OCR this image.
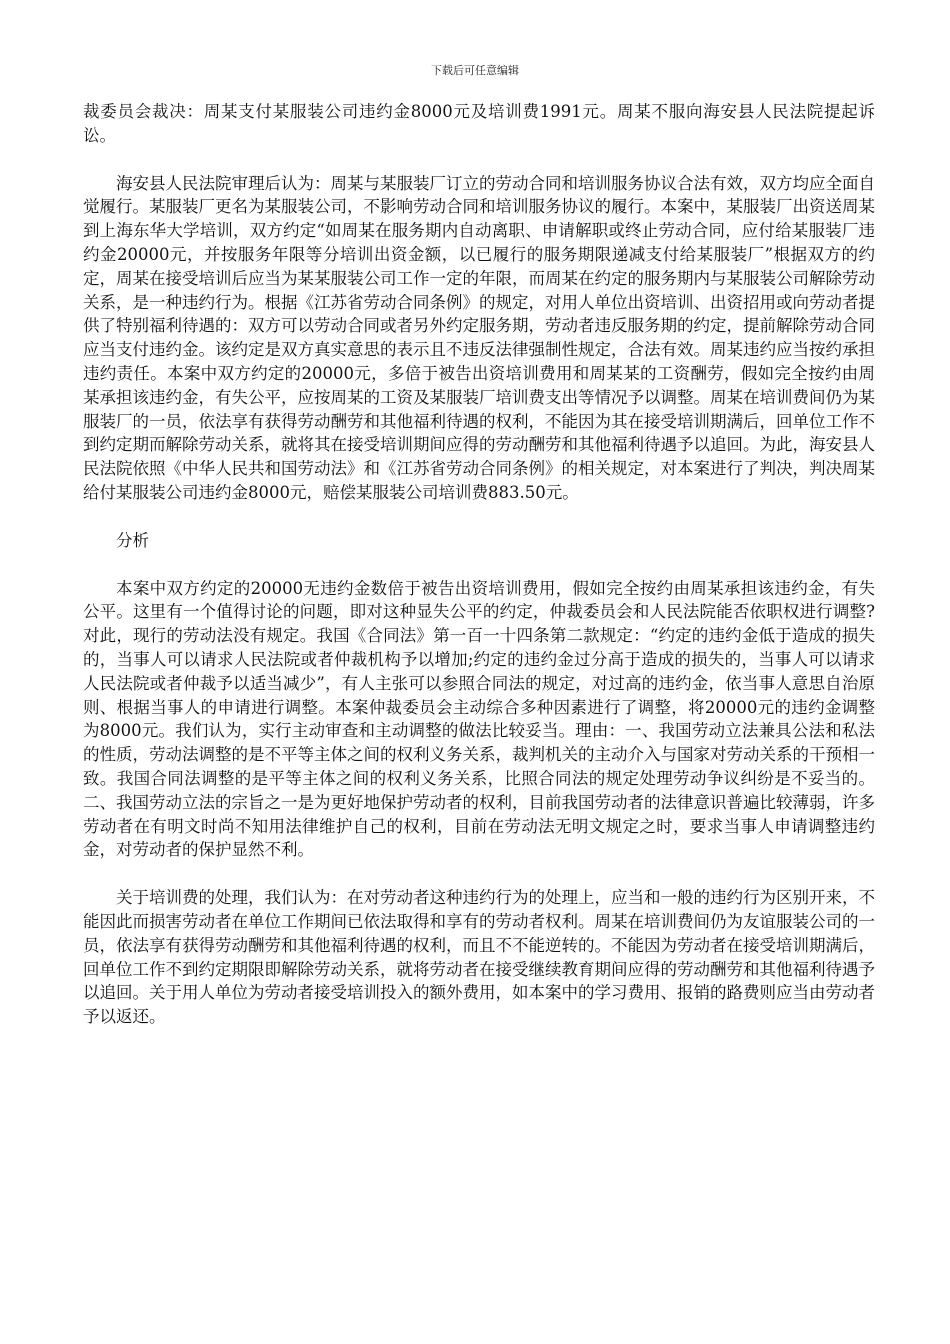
下载后可任意编辑

裁委员会裁决：周某支付某服装公司违约金8000元及培训费1991元。周某不服向海安县人民法院提起诉讼。

海安县人民法院审理后认为：周某与某服装厂订立的劳动合同和培训服务协议合法有效，双方均应全面自觉履行。某服装厂更名为某服装公司，不影响劳动合同和培训服务协议的履行。本案中，某服装厂出资送周某到上海东华大学培训，双方约定“如周某在服务期内自动离职、申请解职或终止劳动合同，应付给某服装厂违约金20000元，并按服务年限等分培训出资金额，以已履行的服务期限递减支付给某服装厂”根据双方的约定，周某在接受培训后应当为某某服装公司工作一定的年限，而周某在约定的服务期内与某服装公司解除劳动关系，是一种违约行为。根据《江苏省劳动合同条例》的规定，对用人单位出资培训、出资招用或向劳动者提供了特别福利待遇的：双方可以劳动合同或者另外约定服务期，劳动者违反服务期的约定，提前解除劳动合同应当支付违约金。该约定是双方真实意思的表示且不违反法律强制性规定，合法有效。周某违约应当按约承担违约责任。本案中双方约定的20000元，多倍于被告出资培训费用和周某某的工资酬劳，假如完全按约由周某承担该违约金，有失公平，应按周某的工资及某服装厂培训费支出等情况予以调整。周某在培训费间仍为某服装厂的一员，依法享有获得劳动酬劳和其他福利待遇的权利，不能因为其在接受培训期满后，回单位工作不到约定期而解除劳动关系，就将其在接受培训期间应得的劳动酬劳和其他福利待遇予以追回。为此，海安县人民法院依照《中华人民共和国劳动法》和《江苏省劳动合同条例》的相关规定，对本案进行了判决，判决周某给付某服装公司违约金8000元，赔偿某服装公司培训费883.50元。

分析

本案中双方约定的20000无违约金数倍于被告出资培训费用，假如完全按约由周某承担该违约金，有失公平。这里有一个值得讨论的问题，即对这种显失公平的约定，仲裁委员会和人民法院能否依职权进行调整?对此，现行的劳动法没有规定。我国《合同法》第一百一十四条第二款规定：“约定的违约金低于造成的损失的，当事人可以请求人民法院或者仲裁机构予以增加;约定的违约金过分高于造成的损失的，当事人可以请求人民法院或者仲裁予以适当减少”，有人主张可以参照合同法的规定，对过高的违约金，依当事人意思自治原则、根据当事人的申请进行调整。本案仲裁委员会主动综合多种因素进行了调整，将20000元的违约金调整为8000元。我们认为，实行主动审查和主动调整的做法比较妥当。理由：一、我国劳动立法兼具公法和私法的性质，劳动法调整的是不平等主体之间的权利义务关系，裁判机关的主动介入与国家对劳动关系的干预相一致。我国合同法调整的是平等主体之间的权利义务关系，比照合同法的规定处理劳动争议纠纷是不妥当的。二、我国劳动立法的宗旨之一是为更好地保护劳动者的权利，目前我国劳动者的法律意识普遍比较薄弱，许多劳动者在有明文时尚不知用法律维护自己的权利，目前在劳动法无明文规定之时，要求当事人申请调整违约金，对劳动者的保护显然不利。

关于培训费的处理，我们认为：在对劳动者这种违约行为的处理上，应当和一般的违约行为区别开来，不能因此而损害劳动者在单位工作期间已依法取得和享有的劳动者权利。周某在培训费间仍为友谊服装公司的一员，依法享有获得劳动酬劳和其他福利待遇的权利，而且不不能逆转的。不能因为劳动者在接受培训期满后，回单位工作不到约定期限即解除劳动关系，就将劳动者在接受继续教育期间应得的劳动酬劳和其他福利待遇予以追回。关于用人单位为劳动者接受培训投入的额外费用，如本案中的学习费用、报销的路费则应当由劳动者予以返还。
